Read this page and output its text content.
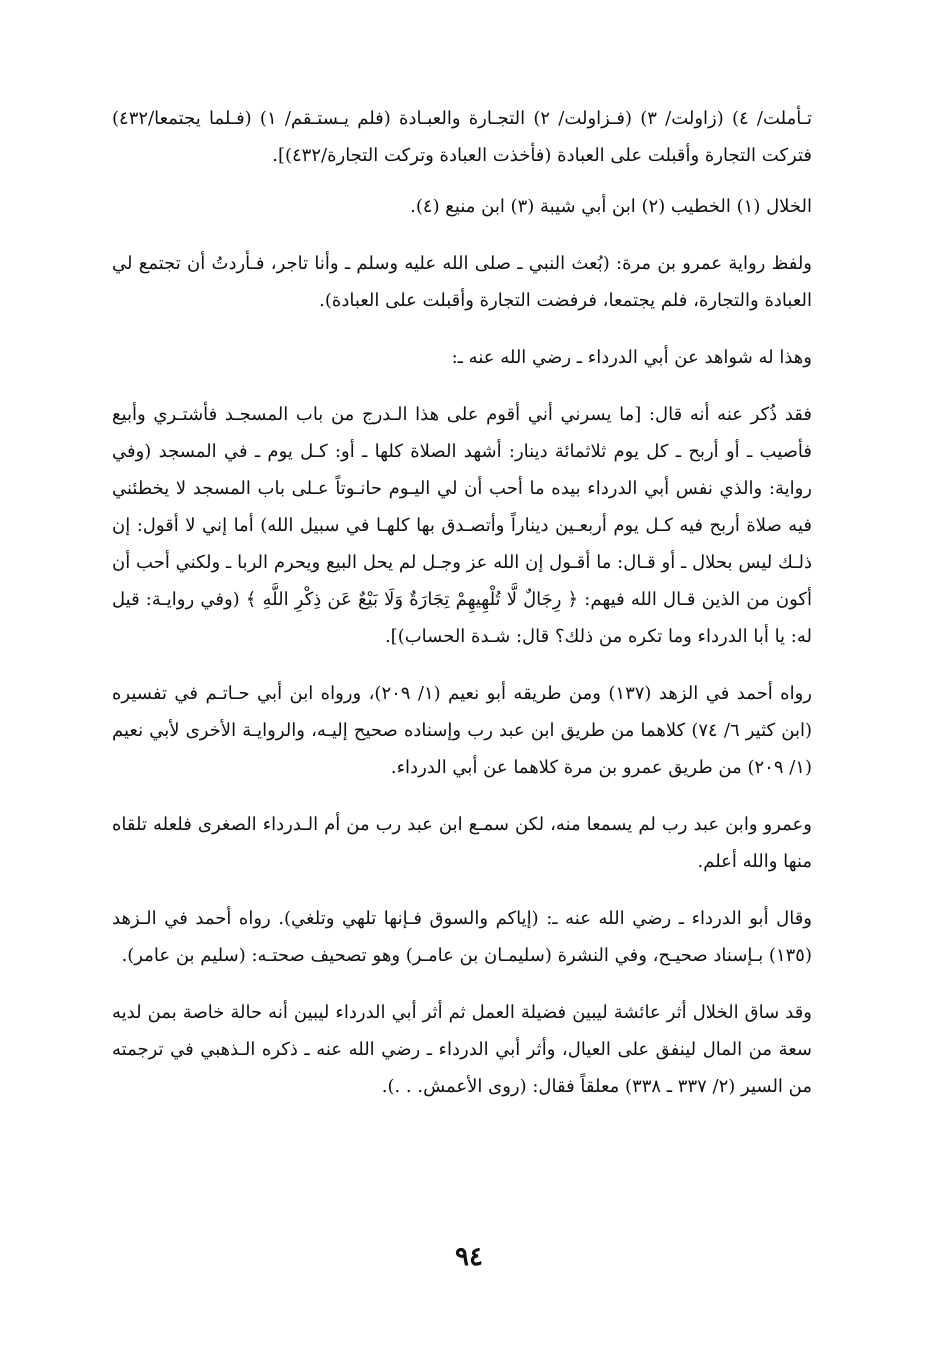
تـأملت/ ٤) (زاولت/ ٣) (فـزاولت/ ٢) التجـارة والعبـادة (فلم يـستـقم/ ١) (فـلما يجتمعا/٤٣٢) فتركت التجارة وأقبلت على العبادة (فأخذت العبادة وتركت التجارة/٤٣٢)].

الخلال (١) الخطيب (٢) ابن أبي شيبة (٣) ابن منيع (٤).

ولفظ رواية عمرو بن مرة: (بُعث النبي ـ صلى الله عليه وسلم ـ وأنا تاجر، فـأردتُ أن تجتمع لي العبادة والتجارة، فلم يجتمعا، فرفضت التجارة وأقبلت على العبادة).

وهذا له شواهد عن أبي الدرداء ـ رضي الله عنه ـ:

فقد ذُكر عنه أنه قال: [ما يسرني أني أقوم على هذا الـدرج من باب المسجـد فأشتـري وأبيع فأصيب ـ أو أربح ـ كل يوم ثلاثمائة دينار: أشهد الصلاة كلها ـ أو: كـل يوم ـ في المسجد (وفي رواية: والذي نفس أبي الدرداء بيده ما أحب أن لي اليـوم حانـوتاً عـلى باب المسجد لا يخطئني فيه صلاة أربح فيه كـل يوم أربعـين ديناراً وأتصـدق بها كلهـا في سبيل الله) أما إني لا أقول: إن ذلـك ليس بحلال ـ أو قـال: ما أقـول إن الله عز وجـل لم يحل البيع ويحرم الربا ـ ولكني أحب أن أكون من الذين قـال الله فيهم: ﴿ رِجَالٌ لَّا تُلْهِيهِمْ تِجَارَةٌ وَلَا بَيْعٌ عَن ذِكْرِ اللَّهِ ﴾ (وفي روايـة: قيل له: يا أبا الدرداء وما تكره من ذلك؟ قال: شـدة الحساب)].

رواه أحمد في الزهد (١٣٧) ومن طريقه أبو نعيم (١/ ٢٠٩)، ورواه ابن أبي حـاتـم في تفسيره (ابن كثير ٦/ ٧٤) كلاهما من طريق ابن عبد رب وإسناده صحيح إليـه، والروايـة الأخرى لأبي نعيم (١/ ٢٠٩) من طريق عمرو بن مرة كلاهما عن أبي الدرداء.

وعمرو وابن عبد رب لم يسمعا منه، لكن سمـع ابن عبد رب من أم الـدرداء الصغرى فلعله تلقاه منها والله أعلم.

وقال أبو الدرداء ـ رضي الله عنه ـ: (إياكم والسوق فـإنها تلهي وتلغي). رواه أحمد في الـزهد (١٣٥) بـإسناد صحيـح، وفي النشرة (سليمـان بن عامـر) وهو تصحيف صحتـه: (سليم بن عامر).

وقد ساق الخلال أثر عائشة ليبين فضيلة العمل ثم أثر أبي الدرداء ليبين أنه حالة خاصة بمن لديه سعة من المال لينفق على العيال، وأثر أبي الدرداء ـ رضي الله عنه ـ ذكره الـذهبي في ترجمته من السير (٢/ ٣٣٧ ـ ٣٣٨) معلقاً فقال: (روى الأعمش. . .).

٩٤
